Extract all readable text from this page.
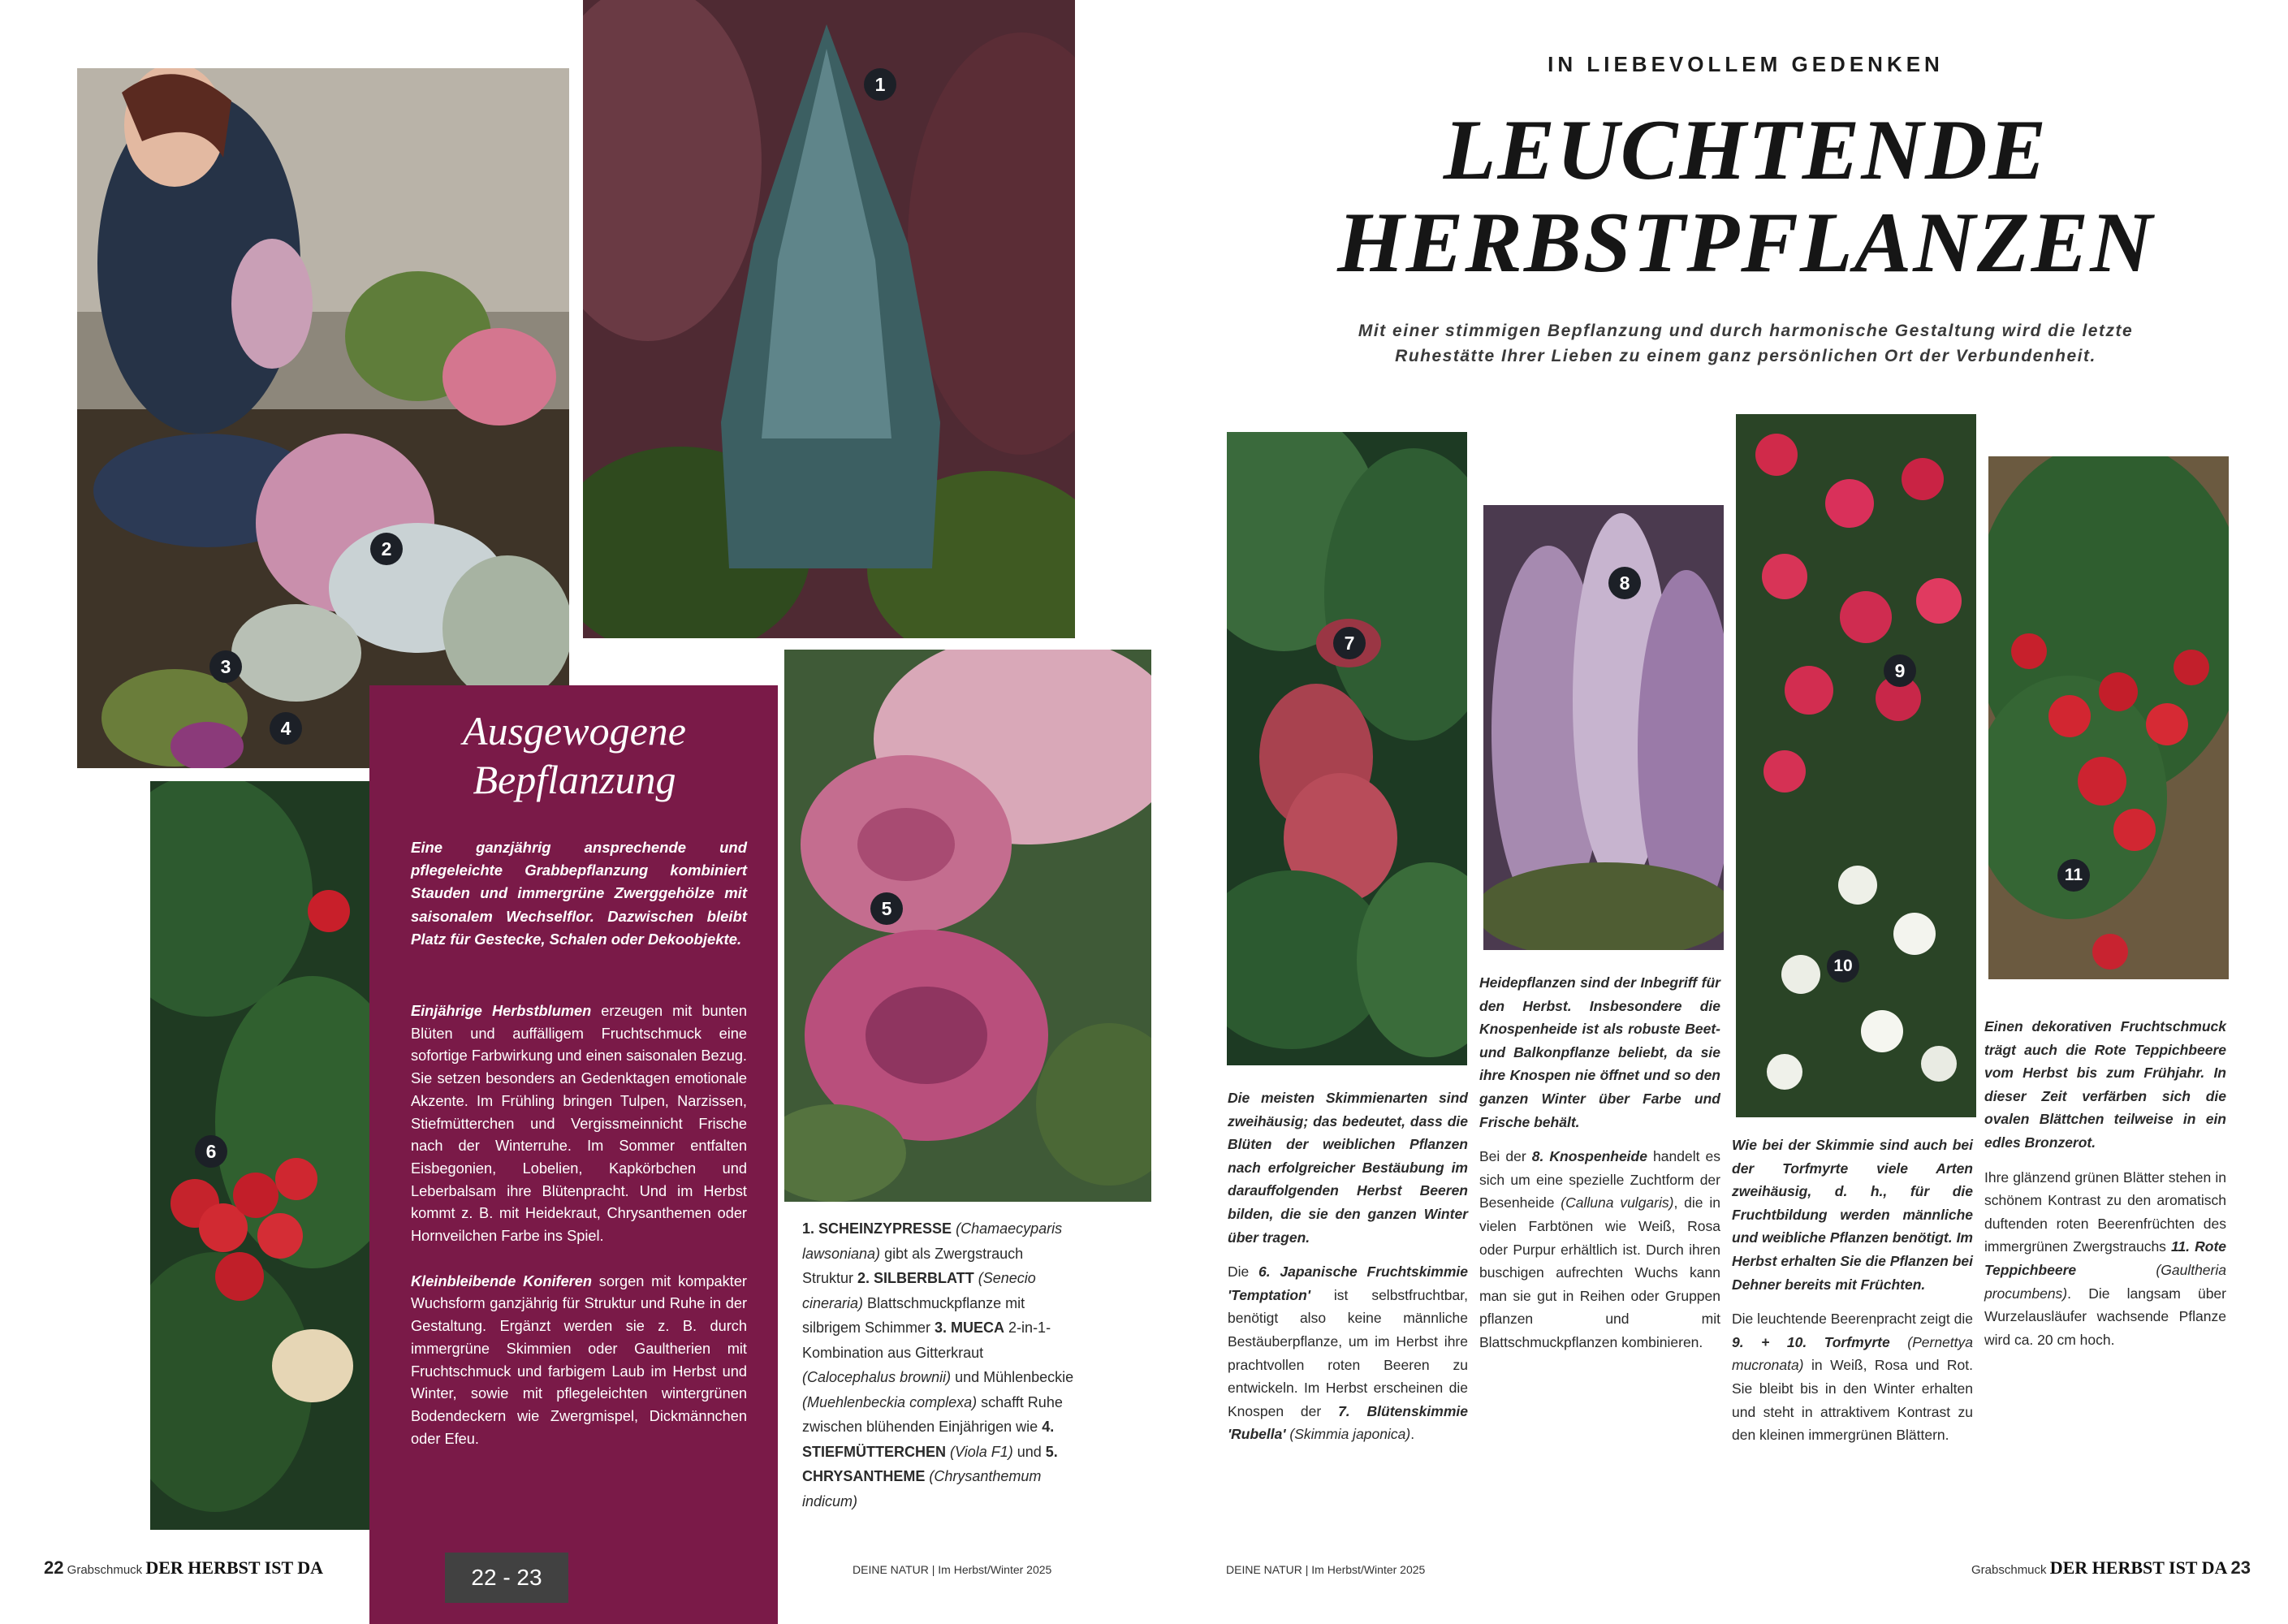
Ausgewogene
Bepflanzung
Eine ganzjährig ansprechende und pflegeleichte Grabbepflanzung kombiniert Stauden und immergrüne Zwerggehölze mit saisonalem Wechselflor. Dazwischen bleibt Platz für Gestecke, Schalen oder Dekoobjekte.

Einjährige Herbstblumen erzeugen mit bunten Blüten und auffälligem Fruchtschmuck eine sofortige Farbwirkung und einen saisonalen Bezug. Sie setzen besonders an Gedenktagen emotionale Akzente. Im Frühling bringen Tulpen, Narzissen, Stiefmütterchen und Vergissmeinnicht Frische nach der Winterruhe. Im Sommer entfalten Eisbegonien, Lobelien, Kapkörbchen und Leberbalsam ihre Blütenpracht. Und im Herbst kommt z. B. mit Heidekraut, Chrysanthemen oder Hornveilchen Farbe ins Spiel.

Kleinbleibende Koniferen sorgen mit kompakter Wuchsform ganzjährig für Struktur und Ruhe in der Gestaltung. Ergänzt werden sie z. B. durch immergrüne Skimmien oder Gaultherien mit Fruchtschmuck und farbigem Laub im Herbst und Winter, sowie mit pflegeleichten wintergrünen Bodendeckern wie Zwergmispel, Dickmännchen oder Efeu.

1. SCHEINZYPRESSE (Chamaecyparis lawsoniana) gibt als Zwergstrauch Struktur 2. SILBERBLATT (Senecio cineraria) Blattschmuckpflanze mit silbrigem Schimmer 3. MUECA 2-in-1-Kombination aus Gitterkraut (Calocephalus brownii) und Mühlenbeckie (Muehlenbeckia complexa) schafft Ruhe zwischen blühenden Einjährigen wie 4. STIEFMÜTTERCHEN (Viola F1) und 5. CHRYSANTHEME (Chrysanthemum indicum)
IN LIEBEVOLLEM GEDENKEN
LEUCHTENDE
HERBSTPFLANZEN
Mit einer stimmigen Bepflanzung und durch harmonische Gestaltung wird die letzte Ruhestätte Ihrer Lieben zu einem ganz persönlichen Ort der Verbundenheit.
1
2
3
4
5
6
7
8
9
10
11

Die meisten Skimmienarten sind zweihäusig; das bedeutet, dass die Blüten der weiblichen Pflanzen nach erfolgreicher Bestäubung im darauffolgenden Herbst Beeren bilden, die sie den ganzen Winter über tragen.

Die 6. Japanische Fruchtskimmie 'Temptation' ist selbstfruchtbar, benötigt also keine männliche Bestäuberpflanze, um im Herbst ihre prachtvollen roten Beeren zu entwickeln. Im Herbst erscheinen die Knospen der 7. Blütenskimmie 'Rubella' (Skimmia japonica).

Heidepflanzen sind der Inbegriff für den Herbst. Insbesondere die Knospenheide ist als robuste Beet- und Balkonpflanze beliebt, da sie ihre Knospen nie öffnet und so den ganzen Winter über Farbe und Frische behält.

Bei der 8. Knospenheide handelt es sich um eine spezielle Zuchtform der Besenheide (Calluna vulgaris), die in vielen Farbtönen wie Weiß, Rosa oder Purpur erhältlich ist. Durch ihren buschigen aufrechten Wuchs kann man sie gut in Reihen oder Gruppen pflanzen und mit Blattschmuckpflanzen kombinieren.

Wie bei der Skimmie sind auch bei der Torfmyrte viele Arten zweihäusig, d. h., für die Fruchtbildung werden männliche und weibliche Pflanzen benötigt. Im Herbst erhalten Sie die Pflanzen bei Dehner bereits mit Früchten.

Die leuchtende Beerenpracht zeigt die 9. + 10. Torfmyrte (Pernettya mucronata) in Weiß, Rosa und Rot. Sie bleibt bis in den Winter erhalten und steht in attraktivem Kontrast zu den kleinen immergrünen Blättern.

Einen dekorativen Fruchtschmuck trägt auch die Rote Teppichbeere vom Herbst bis zum Frühjahr. In dieser Zeit verfärben sich die ovalen Blättchen teilweise in ein edles Bronzerot.

Ihre glänzend grünen Blätter stehen in schönem Kontrast zu den aromatisch duftenden roten Beerenfrüchten des immergrünen Zwergstrauchs 11. Rote Teppichbeere	(Gaultheria procumbens). Die langsam über Wurzelausläufer wachsende Pflanze wird ca. 20 cm hoch.

22 Grabschmuck DER HERBST IST DA	DEINE NATUR | Im Herbst/Winter 2025	DEINE NATUR | Im Herbst/Winter 2025	Grabschmuck DER HERBST IST DA 23
22 - 23
